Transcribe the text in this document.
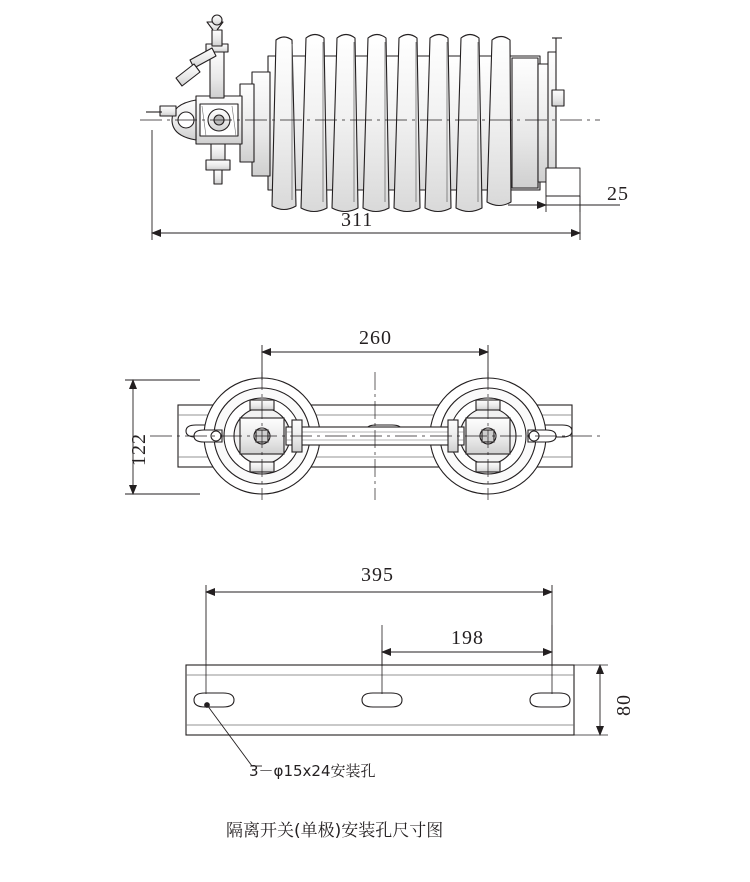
311
25
260
122
395
198
80
3－φ15x24安装孔
隔离开关(单极)安装孔尺寸图
